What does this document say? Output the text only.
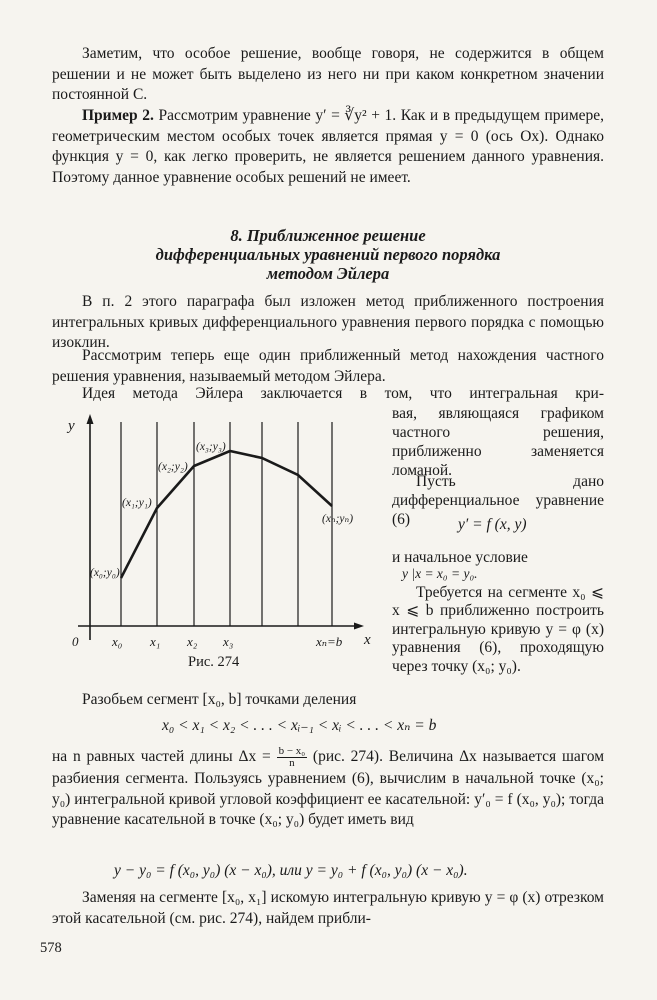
Заметим, что особое решение, вообще говоря, не содержится в общем решении и не может быть выделено из него ни при каком конкретном значении постоянной C.

Пример 2. Рассмотрим уравнение y′ = ∛y² + 1. Как и в предыдущем примере, геометрическим местом особых точек является прямая y = 0 (ось Ox). Однако функция y = 0, как легко проверить, не является решением данного уравнения. Поэтому данное уравнение особых решений не имеет.

8. Приближенное решение
дифференциальных уравнений первого порядка
методом Эйлера

В п. 2 этого параграфа был изложен метод приближенного построения интегральных кривых дифференциального уравнения первого порядка с помощью изоклин.

Рассмотрим теперь еще один приближенный метод нахождения частного решения уравнения, называемый методом Эйлера.

Идея метода Эйлера заключается в том, что интегральная кри-

y
x
0	x₀ x₁ x₂ x₃	xₙ=b
(x₀;y₀)
(x₁;y₁)
(x₂;y₂)
(x₃;y₃)
(xₙ;yₙ)
Рис. 274

вая, являющаяся графиком частного решения, приближенно заменяется ломаной.

Пусть дано дифференциальное уравнение (6)	y′ = f (x, y)

и начальное условие

y |x = x₀ = y₀.

Требуется на сегменте x₀ ⩽ x ⩽ b приближенно построить интегральную кривую y = φ (x) уравнения (6), проходящую через точку (x₀; y₀).

Разобьем сегмент [x₀, b] точками деления

x₀ < x₁ < x₂ < . . . < xᵢ₋₁ < xᵢ < . . . < xₙ = b

на n равных частей длины $\Delta x = \frac{\text{b − x₀}}{n} (рис$. 274). Величина Δx называется шагом разбиения сегмента. Пользуясь уравнением (6), вычислим в начальной точке (x₀; y₀) интегральной кривой угловой коэффициент ее касательной: y′₀ = f (x₀, y₀); тогда уравнение касательной в точке (x₀; y₀) будет иметь вид

y − y₀ = f (x₀, y₀) (x − x₀), или y = y₀ + f (x₀, y₀) (x − x₀).

Заменяя на сегменте [x₀, x₁] искомую интегральную кривую y = φ (x) отрезком этой касательной (см. рис. 274), найдем прибли-

578
